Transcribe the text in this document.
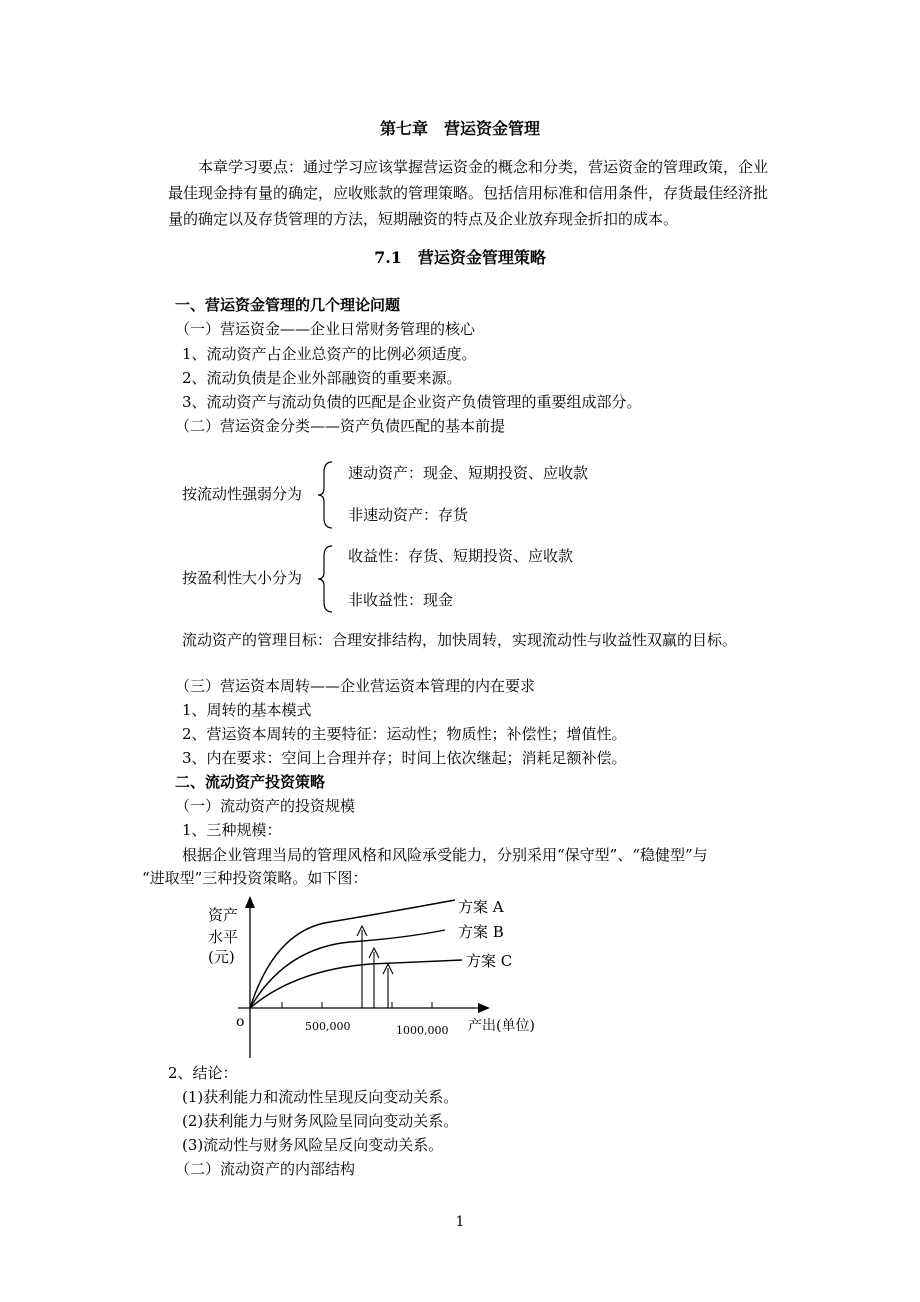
第七章　营运资金管理
本章学习要点：通过学习应该掌握营运资金的概念和分类，营运资金的管理政策，企业最佳现金持有量的确定，应收账款的管理策略。包括信用标准和信用条件，存货最佳经济批量的确定以及存货管理的方法，短期融资的特点及企业放弃现金折扣的成本。
7.1　营运资金管理策略
一、营运资金管理的几个理论问题
（一）营运资金——企业日常财务管理的核心
1、流动资产占企业总资产的比例必须适度。
2、流动负债是企业外部融资的重要来源。
3、流动资产与流动负债的匹配是企业资产负债管理的重要组成部分。
（二）营运资金分类——资产负债匹配的基本前提
按流动性强弱分为
速动资产：现金、短期投资、应收款
非速动资产：存货
按盈利性大小分为
收益性：存货、短期投资、应收款
非收益性：现金
流动资产的管理目标：合理安排结构，加快周转，实现流动性与收益性双赢的目标。
（三）营运资本周转——企业营运资本管理的内在要求
1、周转的基本模式
2、营运资本周转的主要特征：运动性；物质性；补偿性；增值性。
3、内在要求：空间上合理并存；时间上依次继起；消耗足额补偿。
二、流动资产投资策略
（一）流动资产的投资规模
1、三种规模：
根据企业管理当局的管理风格和风险承受能力，分别采用“保守型”、“稳健型”与
“进取型”三种投资策略。如下图：
资产
水平
(元)
o	500,000	1000,000 产出(单位)
方案 A
方案 B
方案 C
2、结论：
(1)获利能力和流动性呈现反向变动关系。
(2)获利能力与财务风险呈同向变动关系。
(3)流动性与财务风险呈反向变动关系。
（二）流动资产的内部结构
1
